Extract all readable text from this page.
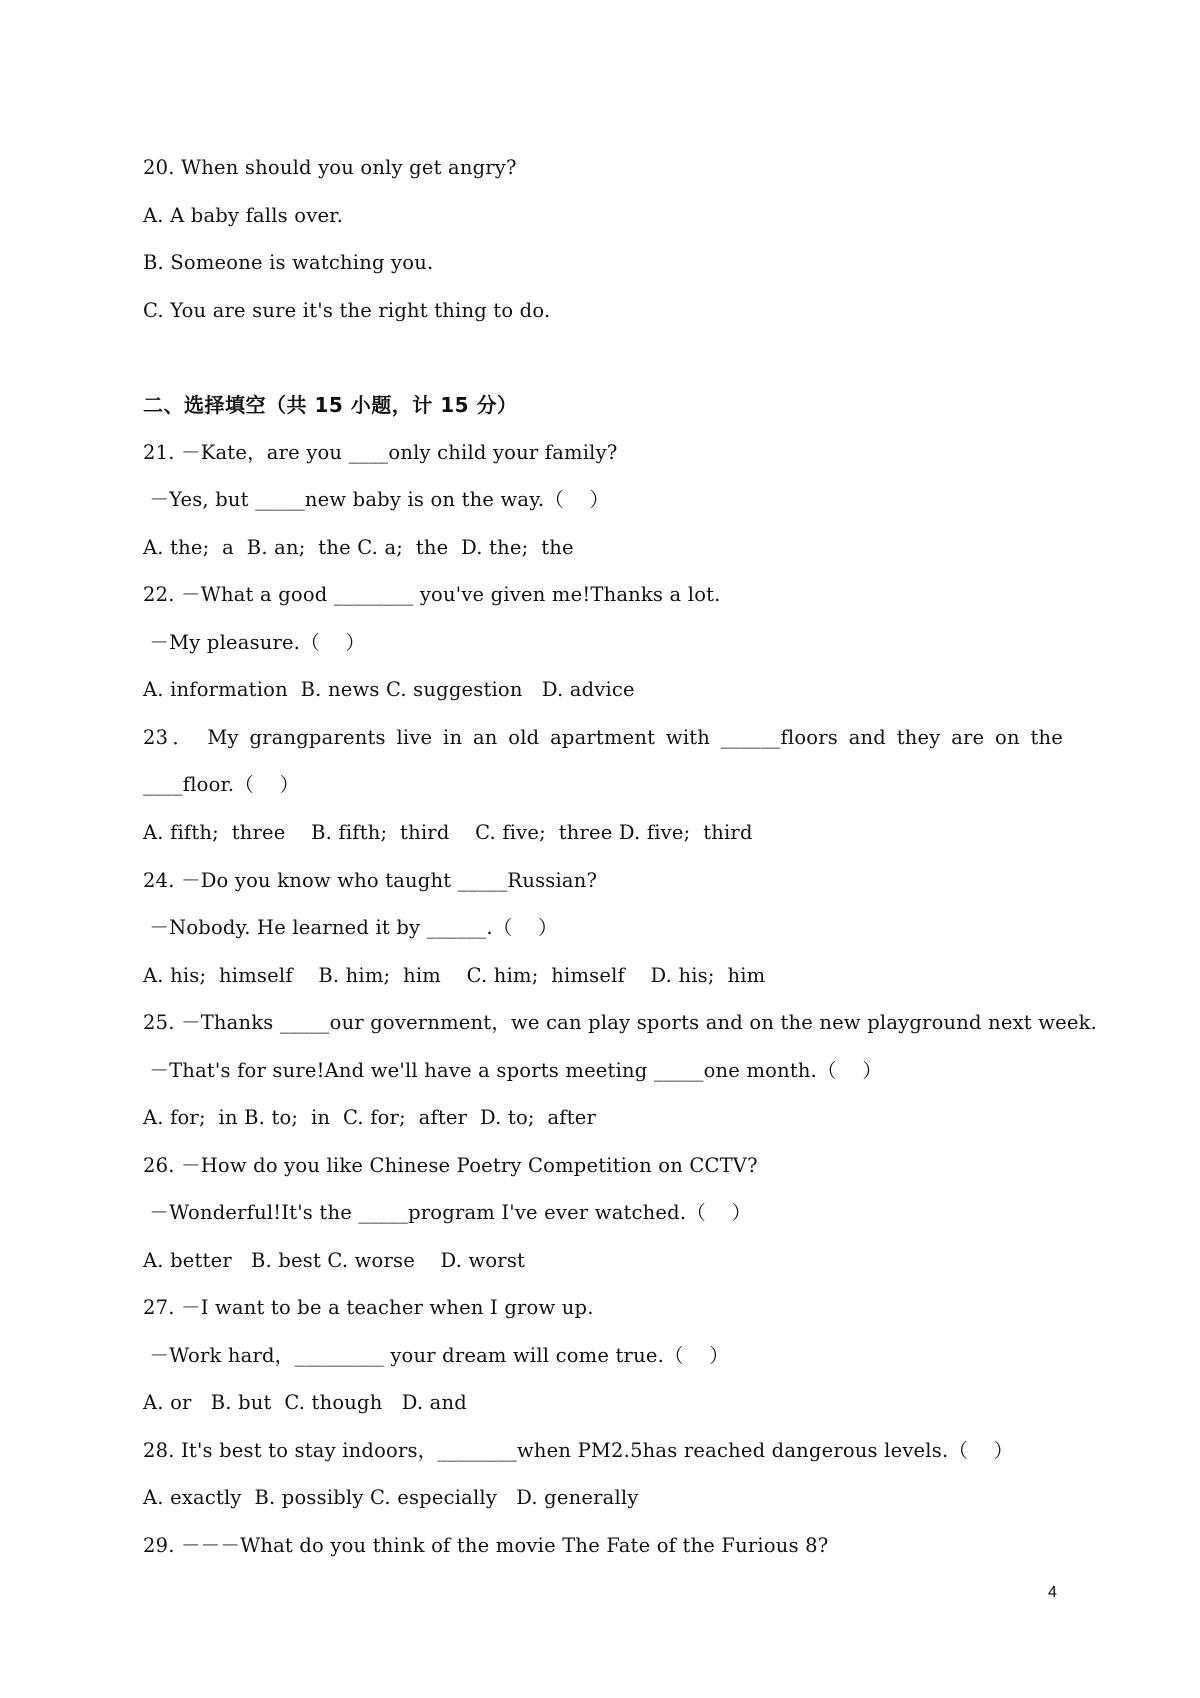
20. When should you only get angry?
A. A baby falls over.
B. Someone is watching you.
C. You are sure it's the right thing to do.
二、选择填空（共 15 小题，计 15 分）
21. －Kate，are you ____only child your family?
－Yes, but _____new baby is on the way.（    ）
A. the;  a  B. an;  the C. a;  the  D. the;  the
22. －What a good ________ you've given me!Thanks a lot.
－My pleasure.（    ）
A. information  B. news C. suggestion   D. advice
23． My grangparents live in an old apartment with ______floors and they are on the
____floor.（    ）
A. fifth;  three    B. fifth;  third    C. five;  three D. five;  third
24. －Do you know who taught _____Russian?
－Nobody. He learned it by ______.（    ）
A. his;  himself    B. him;  him    C. him;  himself    D. his;  him
25. －Thanks _____our government，we can play sports and on the new playground next week.
－That's for sure!And we'll have a sports meeting _____one month.（    ）
A. for;  in B. to;  in  C. for;  after  D. to;  after
26. －How do you like Chinese Poetry Competition on CCTV?
－Wonderful!It's the _____program I've ever watched.（    ）
A. better   B. best C. worse    D. worst
27. －I want to be a teacher when I grow up.
－Work hard，_________ your dream will come true.（    ）
A. or   B. but  C. though   D. and
28. It's best to stay indoors，________when PM2.5has reached dangerous levels.（    ）
A. exactly  B. possibly C. especially   D. generally
29. －－－What do you think of the movie The Fate of the Furious 8?
4
